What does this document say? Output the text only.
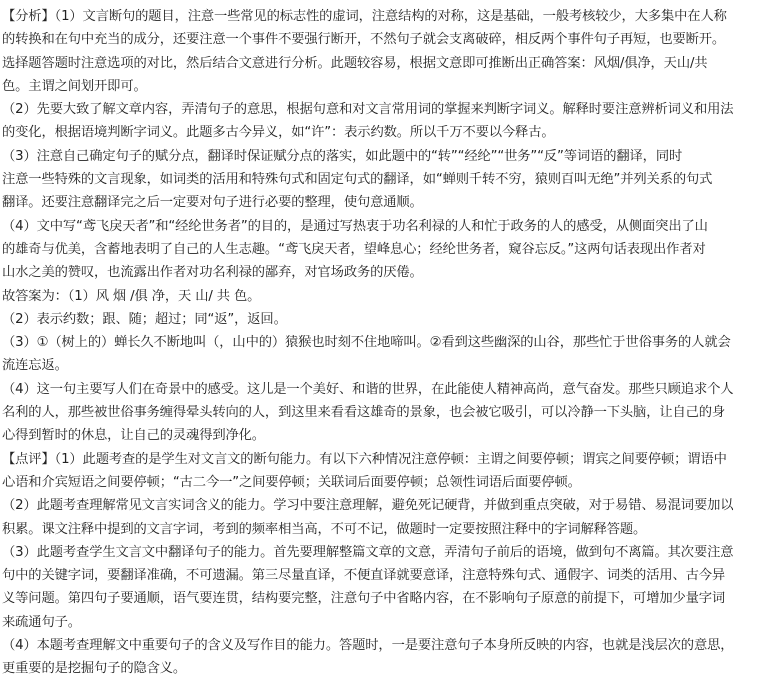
【分析】（1）文言断句的题目，注意一些常见的标志性的虚词，注意结构的对称，这是基础，一般考核较少，大多集中在人称
的转换和在句中充当的成分，还要注意一个事件不要强行断开，不然句子就会支离破碎，相反两个事件句子再短，也要断开。
选择题答题时注意选项的对比，然后结合文意进行分析。此题较容易，根据文意即可推断出正确答案：风烟/俱净，天山/共
色。主谓之间划开即可。
（2）先要大致了解文章内容，弄清句子的意思，根据句意和对文言常用词的掌握来判断字词义。解释时要注意辨析词义和用法
的变化，根据语境判断字词义。此题多古今异义，如“许”：表示约数。所以千万不要以今释古。
（3）注意自己确定句子的赋分点，翻译时保证赋分点的落实，如此题中的“转”“经纶”“世务”“反”等词语的翻译，同时
注意一些特殊的文言现象，如词类的活用和特殊句式和固定句式的翻译，如“蝉则千转不穷，猿则百叫无绝”并列关系的句式
翻译。还要注意翻译完之后一定要对句子进行必要的整理，使句意通顺。
（4）文中写“鸢飞戾天者”和“经纶世务者”的目的，是通过写热衷于功名利禄的人和忙于政务的人的感受，从侧面突出了山
的雄奇与优美，含蓄地表明了自己的人生志趣。“鸢飞戾天者，望峰息心；经纶世务者，窥谷忘反。”这两句话表现出作者对
山水之美的赞叹，也流露出作者对功名利禄的鄙弃，对官场政务的厌倦。
故答案为：（1）风 烟 /俱 净，天 山/ 共 色。
（2）表示约数；跟、随；超过；同“返”，返回。
（3）①（树上的）蝉长久不断地叫（，山中的）猿猴也时刻不住地啼叫。②看到这些幽深的山谷，那些忙于世俗事务的人就会
流连忘返。
（4）这一句主要写人们在奇景中的感受。这儿是一个美好、和谐的世界，在此能使人精神高尚，意气奋发。那些只顾追求个人
名利的人，那些被世俗事务缠得晕头转向的人，到这里来看看这雄奇的景象，也会被它吸引，可以冷静一下头脑，让自己的身
心得到暂时的休息，让自己的灵魂得到净化。
【点评】（1）此题考查的是学生对文言文的断句能力。有以下六种情况注意停顿：主谓之间要停顿；谓宾之间要停顿；谓语中
心语和介宾短语之间要停顿；“古二今一”之间要停顿；关联词后面要停顿；总领性词语后面要停顿。
（2）此题考查理解常见文言实词含义的能力。学习中要注意理解，避免死记硬背，并做到重点突破，对于易错、易混词要加以
积累。课文注释中提到的文言字词，考到的频率相当高，不可不记，做题时一定要按照注释中的字词解释答题。
（3）此题考查学生文言文中翻译句子的能力。首先要理解整篇文章的文意，弄清句子前后的语境，做到句不离篇。其次要注意
句中的关键字词，要翻译准确，不可遗漏。第三尽量直译，不便直译就要意译，注意特殊句式、通假字、词类的活用、古今异
义等问题。第四句子要通顺，语气要连贯，结构要完整，注意句子中省略内容，在不影响句子原意的前提下，可增加少量字词
来疏通句子。
（4）本题考查理解文中重要句子的含义及写作目的能力。答题时，一是要注意句子本身所反映的内容，也就是浅层次的意思，
更重要的是挖掘句子的隐含义。
